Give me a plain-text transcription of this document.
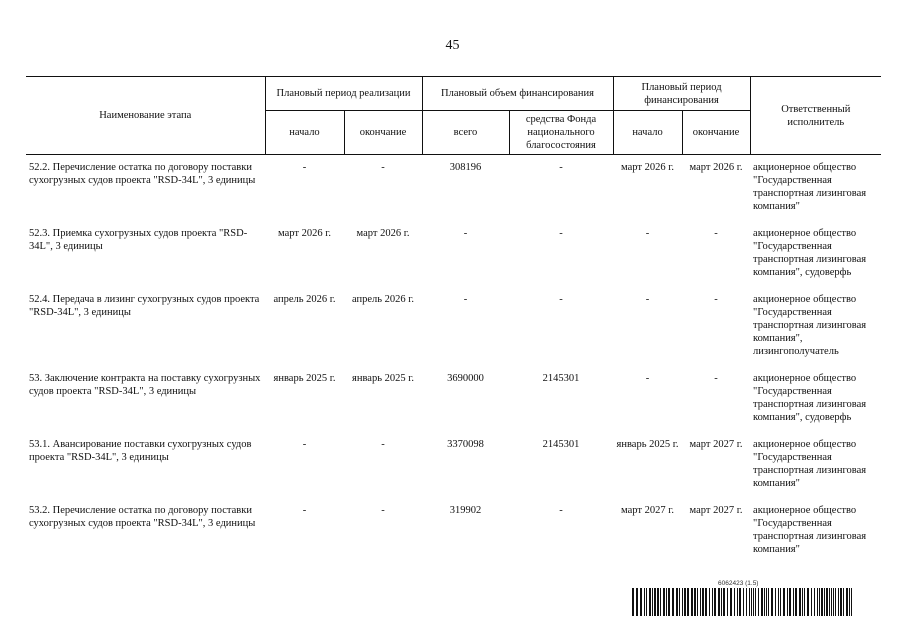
45
Наименование этапа	Плановый период реализации		Плановый объем финансирования		Плановый период финансирования		Ответственный исполнитель
	начало	окончание	всего	средства Фонда национального благосостояния	начало	окончание	

52.2. Перечисление остатка по договору поставки сухогрузных судов проекта "RSD-34L", 3 единицы	-	-	308196	-	март 2026 г.	март 2026 г.	акционерное общество "Государственная транспортная лизинговая компания"
52.3. Приемка сухогрузных судов проекта "RSD-34L", 3 единицы	март 2026 г.	март 2026 г.	-	-	-	-	акционерное общество "Государственная транспортная лизинговая компания", судоверфь
52.4. Передача в лизинг сухогрузных судов проекта "RSD-34L", 3 единицы	апрель 2026 г.	апрель 2026 г.	-	-	-	-	акционерное общество "Государственная транспортная лизинговая компания", лизингополучатель
53. Заключение контракта на поставку сухогрузных судов проекта "RSD-34L", 3 единицы	январь 2025 г.	январь 2025 г.	3690000	2145301	-	-	акционерное общество "Государственная транспортная лизинговая компания", судоверфь
53.1. Авансирование поставки сухогрузных судов проекта "RSD-34L", 3 единицы	-	-	3370098	2145301	январь 2025 г.	март 2027 г.	акционерное общество "Государственная транспортная лизинговая компания"
53.2. Перечисление остатка по договору поставки сухогрузных судов проекта "RSD-34L", 3 единицы	-	-	319902	-	март 2027 г.	март 2027 г.	акционерное общество "Государственная транспортная лизинговая компания"
6062423 (1.5)
